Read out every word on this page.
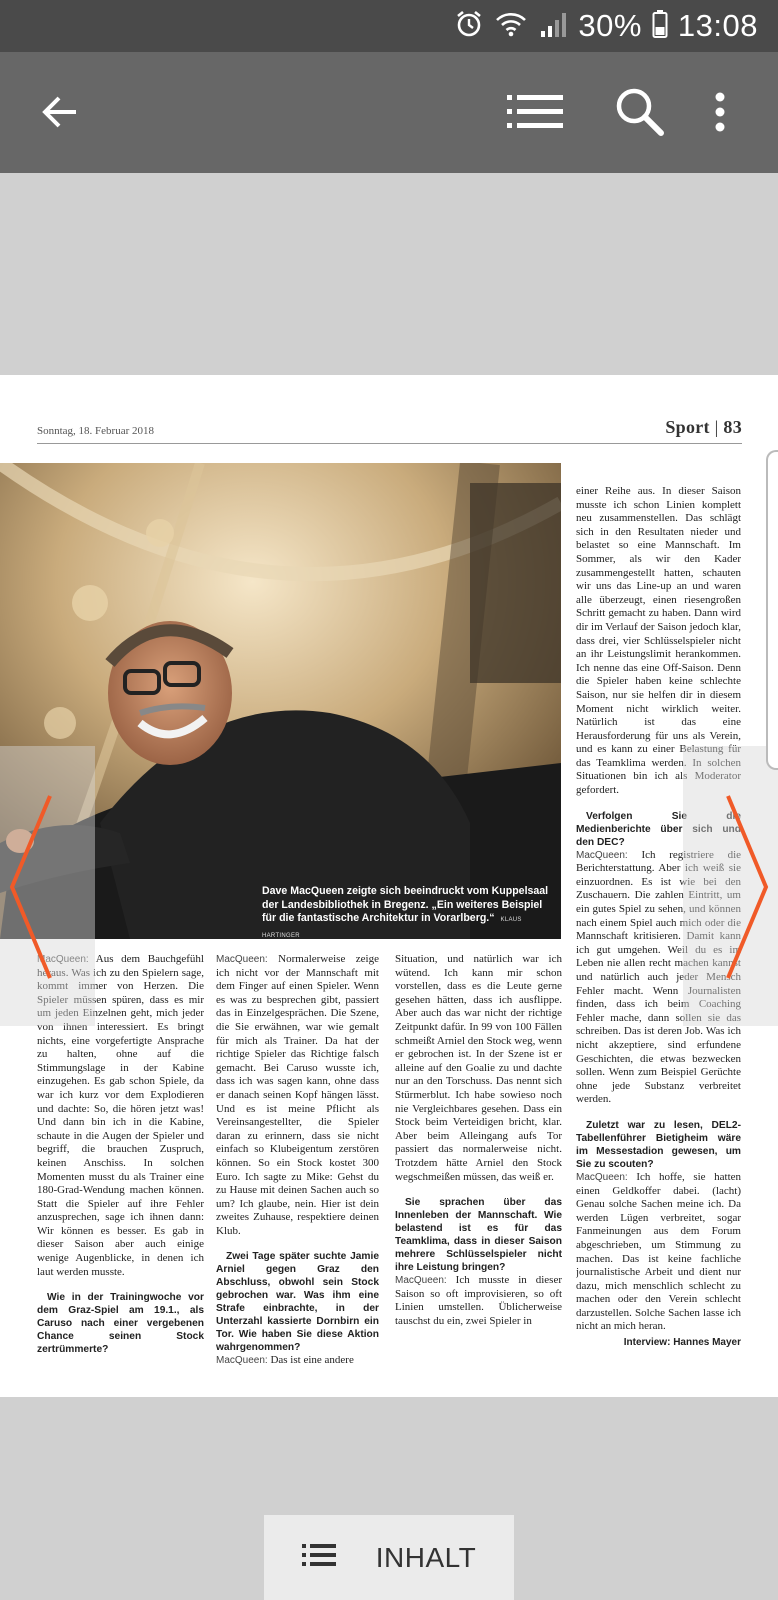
30% 13:08
Sonntag, 18. Februar 2018	Sport | 83
Dave MacQueen zeigte sich beeindruckt vom Kuppelsaal der Landesbibliothek in Bregenz. „Ein weiteres Beispiel für die fantastische Architektur in Vorarlberg.“ KLAUS HARTINGER

einer Reihe aus. In dieser Saison musste ich schon Linien komplett neu zusammenstellen. Das schlägt sich in den Resultaten nieder und belastet so eine Mannschaft. Im Sommer, als wir den Kader zusammengestellt hatten, schauten wir uns das Line-up an und waren alle überzeugt, einen riesengroßen Schritt gemacht zu haben. Dann wird dir im Verlauf der Saison jedoch klar, dass drei, vier Schlüsselspieler nicht an ihr Leistungslimit herankommen. Ich nenne das eine Off-Saison. Denn die Spieler haben keine schlechte Saison, nur sie helfen dir in diesem Moment nicht wirklich weiter. Natürlich ist das eine Herausforderung für uns als Verein, und es kann zu einer Belastung für das Teamklima werden. In solchen Situationen bin ich als Moderator gefordert.

Verfolgen Sie die Medienberichte über sich und den DEC?

MacQueen: Ich registriere die Berichterstattung. Aber ich weiß sie einzuordnen. Es ist wie bei den Zuschauern. Die zahlen Eintritt, um ein gutes Spiel zu sehen, und können nach einem Spiel auch mich oder die Mannschaft kritisieren. Damit kann ich gut umgehen. Weil du es im Leben nie allen recht machen kannst und natürlich auch jeder Mensch Fehler macht. Wenn Journalisten finden, dass ich beim Coaching Fehler mache, dann sollen sie das schreiben. Das ist deren Job. Was ich nicht akzeptiere, sind erfundene Geschichten, die etwas bezwecken sollen. Wenn zum Beispiel Gerüchte ohne jede Substanz verbreitet werden.

Zuletzt war zu lesen, DEL2-Tabellenführer Bietigheim wäre im Messestadion gewesen, um Sie zu scouten?

MacQueen: Ich hoffe, sie hatten einen Geldkoffer dabei. (lacht) Genau solche Sachen meine ich. Da werden Lügen verbreitet, sogar Fanmeinungen aus dem Forum abgeschrieben, um Stimmung zu machen. Das ist keine fachliche journalistische Arbeit und dient nur dazu, mich menschlich schlecht zu machen oder den Verein schlecht darzustellen. Solche Sachen lasse ich nicht an mich heran.

Interview: Hannes Mayer

MacQueen: Aus dem Bauchgefühl heraus. Was ich zu den Spielern sage, kommt immer von Herzen. Die Spieler müssen spüren, dass es mir um jeden Einzelnen geht, mich jeder von ihnen interessiert. Es bringt nichts, eine vorgefertigte Ansprache zu halten, ohne auf die Stimmungslage in der Kabine einzugehen. Es gab schon Spiele, da war ich kurz vor dem Explodieren und dachte: So, die hören jetzt was! Und dann bin ich in die Kabine, schaute in die Augen der Spieler und begriff, die brauchen Zuspruch, keinen Anschiss. In solchen Momenten musst du als Trainer eine 180-Grad-Wendung machen können. Statt die Spieler auf ihre Fehler anzusprechen, sage ich ihnen dann: Wir können es besser. Es gab in dieser Saison aber auch einige wenige Augenblicke, in denen ich laut werden musste.

Wie in der Trainingwoche vor dem Graz-Spiel am 19.1., als Caruso nach einer vergebenen Chance seinen Stock zertrümmerte?

MacQueen: Normalerweise zeige ich nicht vor der Mannschaft mit dem Finger auf einen Spieler. Wenn es was zu besprechen gibt, passiert das in Einzelgesprächen. Die Szene, die Sie erwähnen, war wie gemalt für mich als Trainer. Da hat der richtige Spieler das Richtige falsch gemacht. Bei Caruso wusste ich, dass ich was sagen kann, ohne dass er danach seinen Kopf hängen lässt. Und es ist meine Pflicht als Vereinsangestellter, die Spieler daran zu erinnern, dass sie nicht einfach so Klubeigentum zerstören können. So ein Stock kostet 300 Euro. Ich sagte zu Mike: Gehst du zu Hause mit deinen Sachen auch so um? Ich glaube, nein. Hier ist dein zweites Zuhause, respektiere deinen Klub.

Zwei Tage später suchte Jamie Arniel gegen Graz den Abschluss, obwohl sein Stock gebrochen war. Was ihm eine Strafe einbrachte, in der Unterzahl kassierte Dornbirn ein Tor. Wie haben Sie diese Aktion wahrgenommen?

MacQueen: Das ist eine andere

Situation, und natürlich war ich wütend. Ich kann mir schon vorstellen, dass es die Leute gerne gesehen hätten, dass ich ausflippe. Aber auch das war nicht der richtige Zeitpunkt dafür. In 99 von 100 Fällen schmeißt Arniel den Stock weg, wenn er gebrochen ist. In der Szene ist er alleine auf den Goalie zu und dachte nur an den Torschuss. Das nennt sich Stürmerblut. Ich habe sowieso noch nie Vergleichbares gesehen. Dass ein Stock beim Verteidigen bricht, klar. Aber beim Alleingang aufs Tor passiert das normalerweise nicht. Trotzdem hätte Arniel den Stock wegschmeißen müssen, das weiß er.

Sie sprachen über das Innenleben der Mannschaft. Wie belastend ist es für das Teamklima, dass in dieser Saison mehrere Schlüsselspieler nicht ihre Leistung bringen?

MacQueen: Ich musste in dieser Saison so oft improvisieren, so oft Linien umstellen. Üblicherweise tauschst du ein, zwei Spieler in

INHALT
